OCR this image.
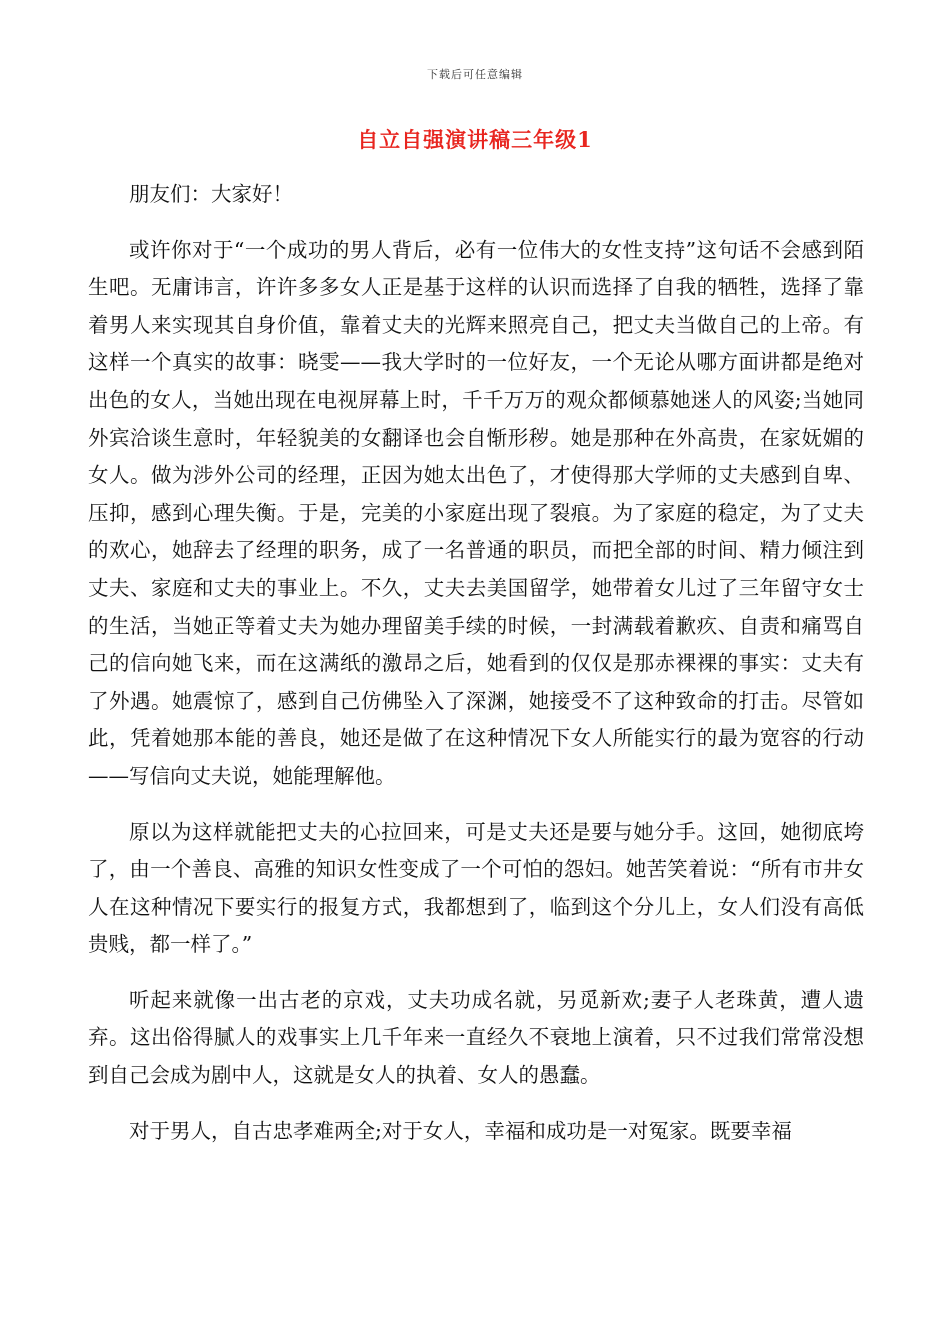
下载后可任意编辑
自立自强演讲稿三年级1

朋友们：大家好！

或许你对于“一个成功的男人背后，必有一位伟大的女性支持”这句话不会感到陌生吧。无庸讳言，许许多多女人正是基于这样的认识而选择了自我的牺牲，选择了靠着男人来实现其自身价值，靠着丈夫的光辉来照亮自己，把丈夫当做自己的上帝。有这样一个真实的故事：晓雯——我大学时的一位好友，一个无论从哪方面讲都是绝对出色的女人，当她出现在电视屏幕上时，千千万万的观众都倾慕她迷人的风姿;当她同外宾洽谈生意时，年轻貌美的女翻译也会自惭形秽。她是那种在外高贵，在家妩媚的女人。做为涉外公司的经理，正因为她太出色了，才使得那大学师的丈夫感到自卑、压抑，感到心理失衡。于是，完美的小家庭出现了裂痕。为了家庭的稳定，为了丈夫的欢心，她辞去了经理的职务，成了一名普通的职员，而把全部的时间、精力倾注到丈夫、家庭和丈夫的事业上。不久，丈夫去美国留学，她带着女儿过了三年留守女士的生活，当她正等着丈夫为她办理留美手续的时候，一封满载着歉疚、自责和痛骂自己的信向她飞来，而在这满纸的激昂之后，她看到的仅仅是那赤裸裸的事实：丈夫有了外遇。她震惊了，感到自己仿佛坠入了深渊，她接受不了这种致命的打击。尽管如此，凭着她那本能的善良，她还是做了在这种情况下女人所能实行的最为宽容的行动——写信向丈夫说，她能理解他。

原以为这样就能把丈夫的心拉回来，可是丈夫还是要与她分手。这回，她彻底垮了，由一个善良、高雅的知识女性变成了一个可怕的怨妇。她苦笑着说：“所有市井女人在这种情况下要实行的报复方式，我都想到了，临到这个分儿上，女人们没有高低贵贱，都一样了。”

听起来就像一出古老的京戏，丈夫功成名就，另觅新欢;妻子人老珠黄，遭人遗弃。这出俗得腻人的戏事实上几千年来一直经久不衰地上演着，只不过我们常常没想到自己会成为剧中人，这就是女人的执着、女人的愚蠢。

对于男人，自古忠孝难两全;对于女人，幸福和成功是一对冤家。既要幸福
